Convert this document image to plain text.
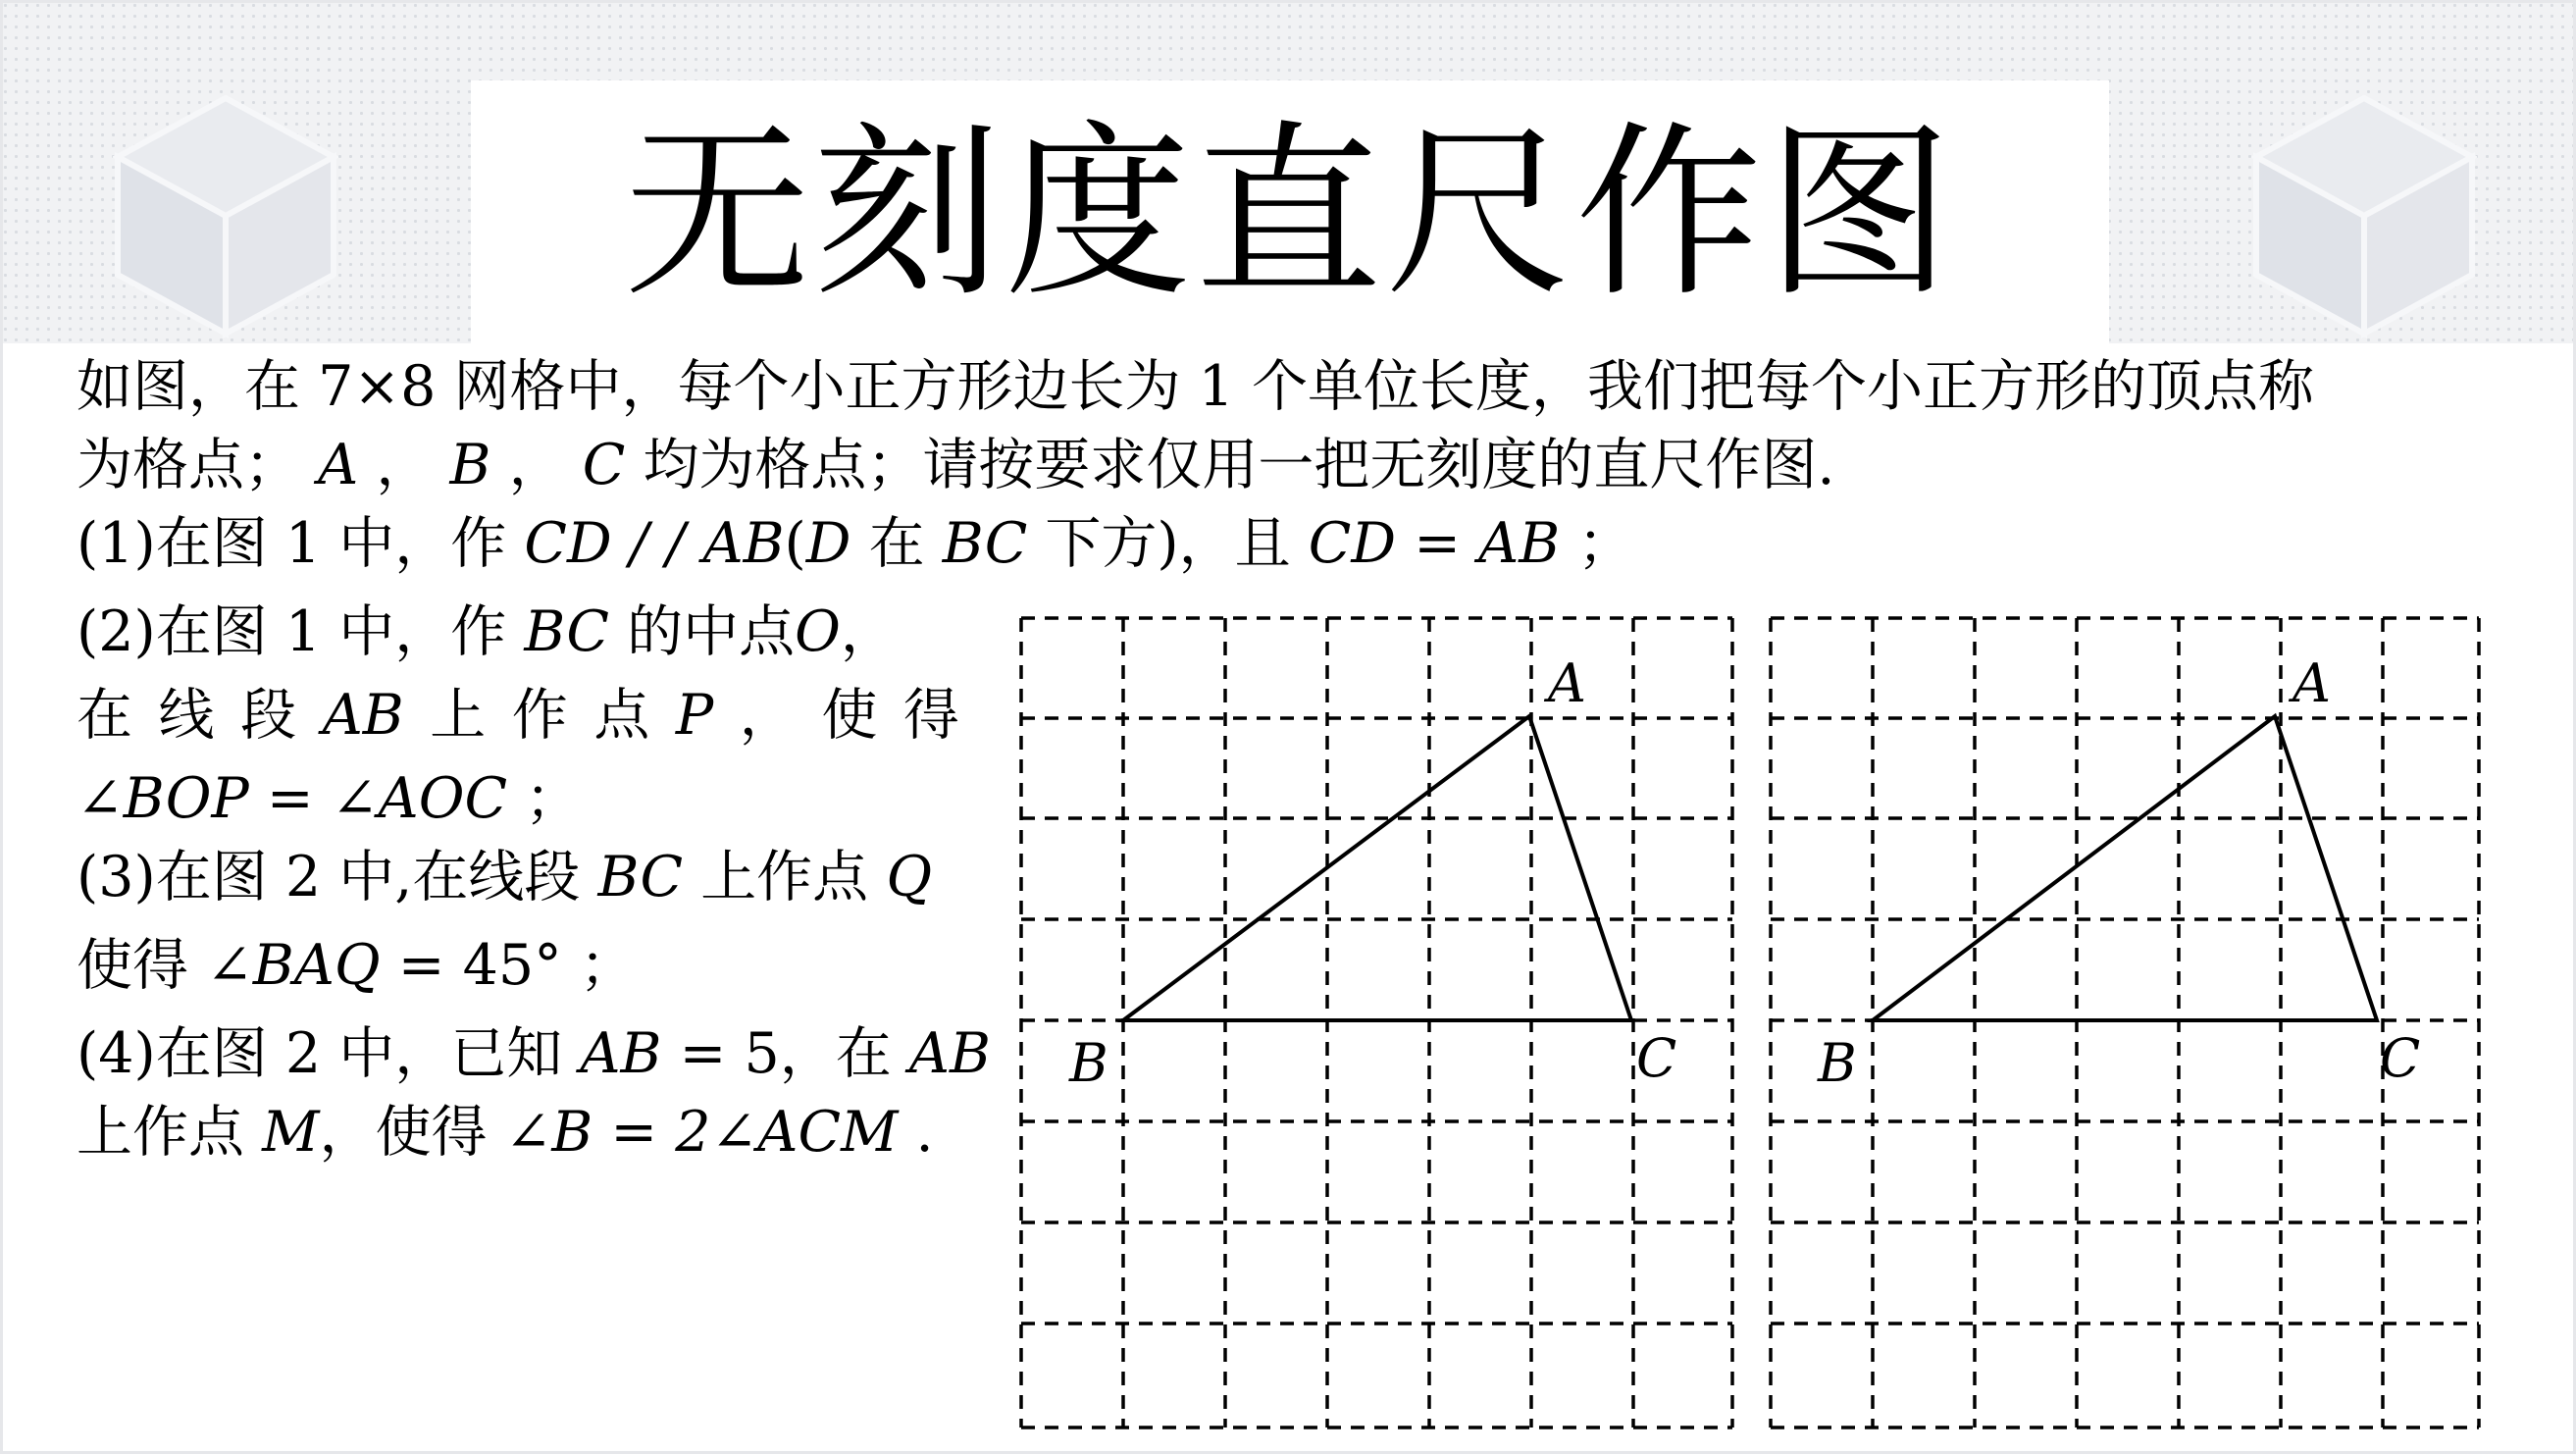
无刻度直尺作图
如图，在 7×8 网格中，每个小正方形边长为 1 个单位长度，我们把每个小正方形的顶点称
为格点； A ， B ， C 均为格点；请按要求仅用一把无刻度的直尺作图.
(1)在图 1 中，作 CD / / AB(D 在 BC 下方)，且 CD = AB ；
(2)在图 1 中，作 BC 的中点O，
在 线 段 AB 上 作 点 P ， 使 得
∠BOP = ∠AOC ；
(3)在图 2 中,在线段 BC 上作点 Q
使得 ∠BAQ = 45° ；
(4)在图 2 中，已知 AB = 5，在 AB
上作点 M，使得 ∠B = 2∠ACM .
A
B	C
A
B	C
